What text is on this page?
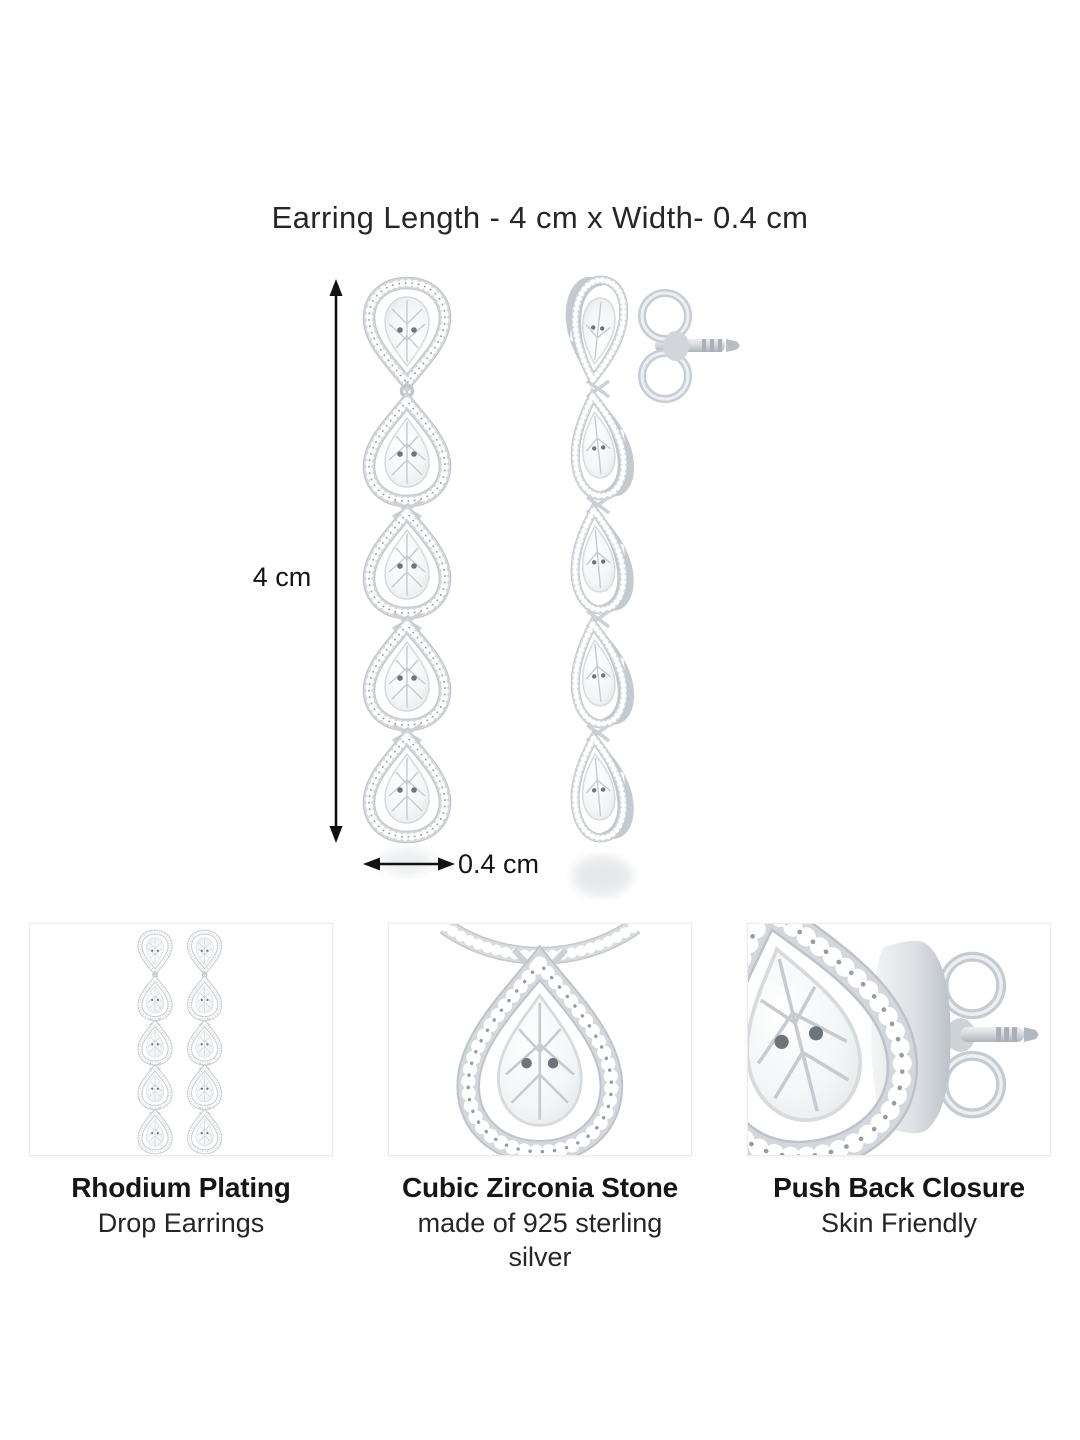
Earring Length - 4 cm x Width- 0.4 cm
4 cm
0.4 cm
Rhodium Plating
Drop Earrings
Cubic Zirconia Stone
made of 925 sterling silver
Push Back Closure
Skin Friendly
